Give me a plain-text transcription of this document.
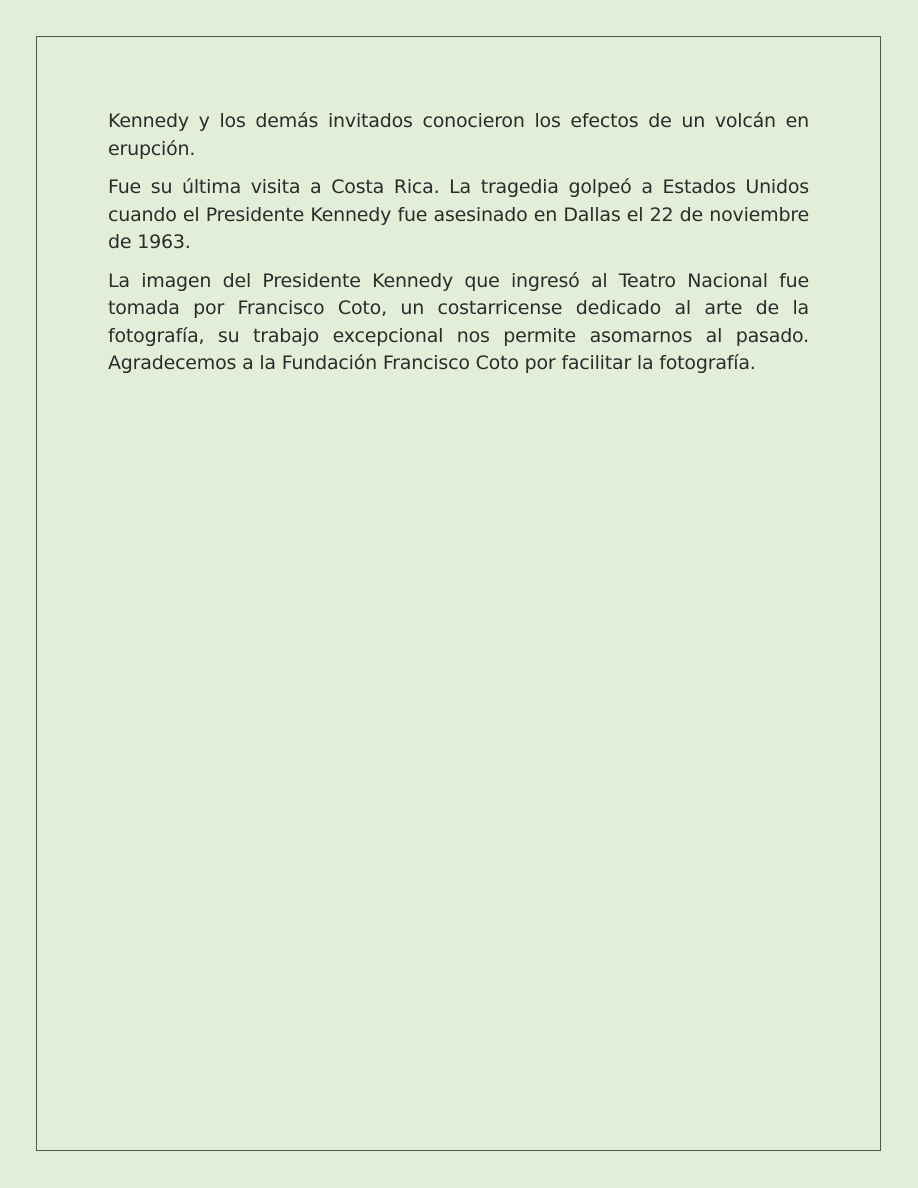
Kennedy y los demás invitados conocieron los efectos de un volcán en erupción.

Fue su última visita a Costa Rica. La tragedia golpeó a Estados Unidos cuando el Presidente Kennedy fue asesinado en Dallas el 22 de noviembre de 1963.

La imagen del Presidente Kennedy que ingresó al Teatro Nacional fue tomada por Francisco Coto, un costarricense dedicado al arte de la fotografía, su trabajo excepcional nos permite asomarnos al pasado. Agradecemos a la Fundación Francisco Coto por facilitar la fotografía.
